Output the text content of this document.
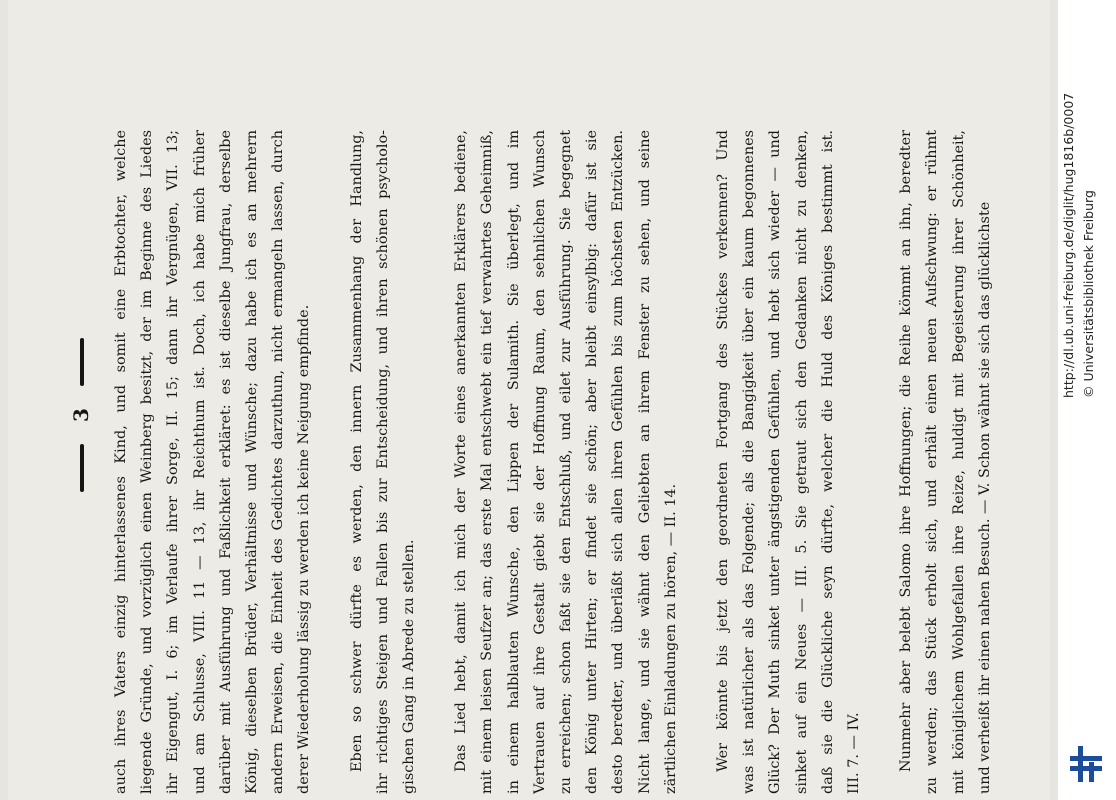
3	auch ihres Vaters einzig hinterlassenes Kind, und somit eine Erbtochter, welche liegende Gründe, und vorzüglich einen Weinberg besitzt, der im Beginne des Liedes ihr Eigengut, I. 6; im Verlaufe ihrer Sorge, II. 15; dann ihr Vergnügen, VII. 13; und am Schlusse, VIII. 11 — 13, ihr Reichthum ist. Doch, ich habe mich früher darüber mit Ausführung und Faßlichkeit erkläret: es ist dieselbe Jungfrau, derselbe König, dieselben Brüder, Verhältnisse und Wünsche; dazu habe ich es an mehrern andern Erweisen, die Einheit des Gedichtes darzuthun, nicht ermangeln lassen, durch derer Wiederholung lässig zu werden ich keine Neigung empfinde.	Eben so schwer dürfte es werden, den innern Zusammenhang der Handlung, ihr richtiges Steigen und Fallen bis zur Entscheidung, und ihren schönen psycholo- gischen Gang in Abrede zu stellen.	Das Lied hebt, damit ich mich der Worte eines anerkannten Erklärers bediene, mit einem leisen Seufzer an; das erste Mal entschwebt ein tief verwahrtes Geheimniß, in einem halblauten Wunsche, den Lippen der Sulamith. Sie überlegt, und im Vertrauen auf ihre Gestalt giebt sie der Hoffnung Raum, den sehnlichen Wunsch zu erreichen; schon faßt sie den Entschluß, und eilet zur Ausführung. Sie begegnet den König unter Hirten; er findet sie schön; aber bleibt einsylbig: dafür ist sie desto beredter, und überläßt sich allen ihren Gefühlen bis zum höchsten Entzücken. Nicht lange, und sie wähnt den Geliebten an ihrem Fenster zu sehen, und seine zärtlichen Einladungen zu hören, — II. 14.	Wer könnte bis jetzt den geordneten Fortgang des Stückes verkennen? Und was ist natürlicher als das Folgende; als die Bangigkeit über ein kaum begonnenes Glück? Der Muth sinket unter ängstigenden Gefühlen, und hebt sich wieder — und sinket auf ein Neues — III. 5. Sie getraut sich den Gedanken nicht zu denken, daß sie die Glückliche seyn dürfte, welcher die Huld des Königes bestimmt ist. III. 7. — IV.	Nunmehr aber belebt Salomo ihre Hoffnungen; die Reihe kömmt an ihn, beredter zu werden; das Stück erholt sich, und erhält einen neuen Aufschwung: er rühmt mit königlichem Wohlgefallen ihre Reize, huldigt mit Begeisterung ihrer Schönheit, und verheißt ihr einen nahen Besuch. — V. Schon wähnt sie sich das glücklichste	http://dl.ub.uni-freiburg.de/diglit/hug1816b/0007 © Universitätsbibliothek Freiburg
